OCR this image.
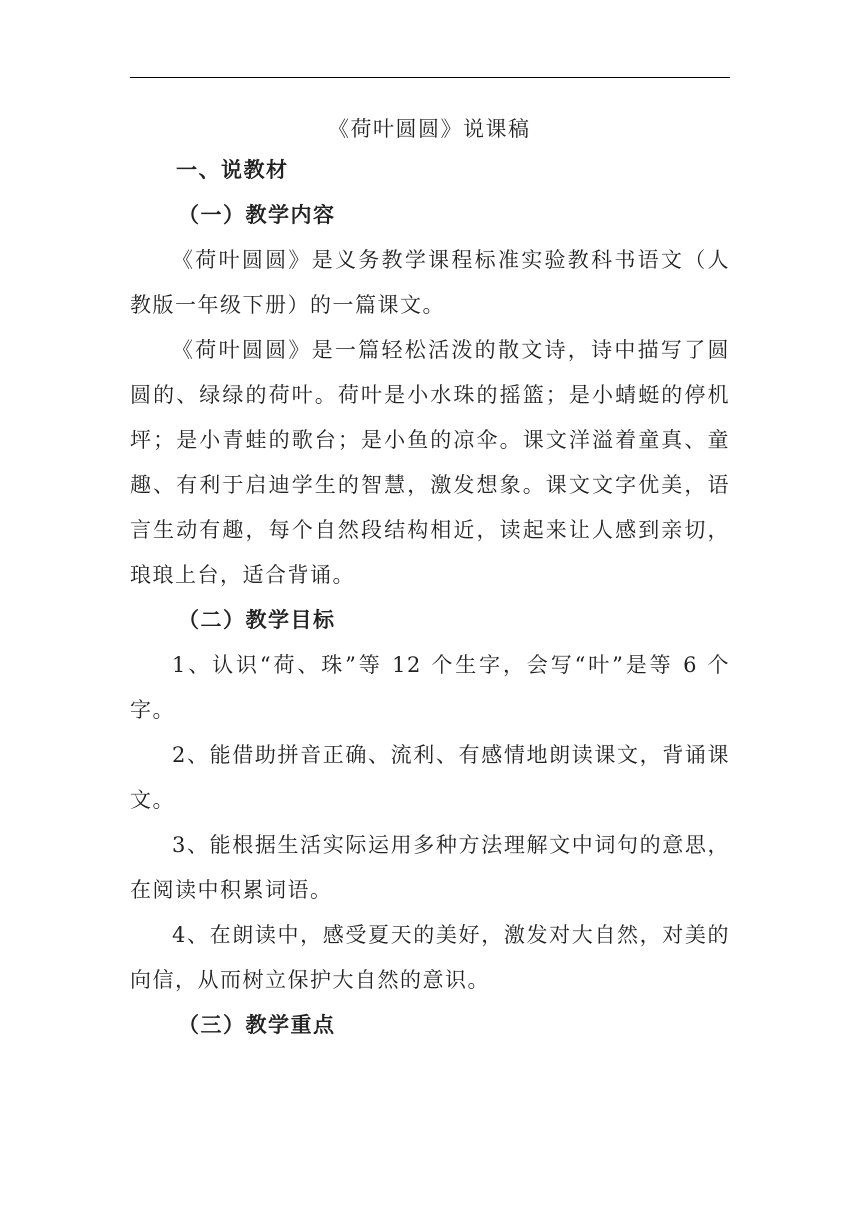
《荷叶圆圆》说课稿
一、说教材
（一）教学内容

《荷叶圆圆》是义务教学课程标准实验教科书语文（人教版一年级下册）的一篇课文。

《荷叶圆圆》是一篇轻松活泼的散文诗，诗中描写了圆圆的、绿绿的荷叶。荷叶是小水珠的摇篮；是小蜻蜓的停机坪；是小青蛙的歌台；是小鱼的凉伞。课文洋溢着童真、童趣、有利于启迪学生的智慧，激发想象。课文文字优美，语言生动有趣，每个自然段结构相近，读起来让人感到亲切，琅琅上台，适合背诵。

（二）教学目标

1、认识“荷、珠”等 12 个生字，会写“叶”是等 6 个字。

2、能借助拼音正确、流利、有感情地朗读课文，背诵课文。

3、能根据生活实际运用多种方法理解文中词句的意思，在阅读中积累词语。

4、在朗读中，感受夏天的美好，激发对大自然，对美的向信，从而树立保护大自然的意识。

（三）教学重点
